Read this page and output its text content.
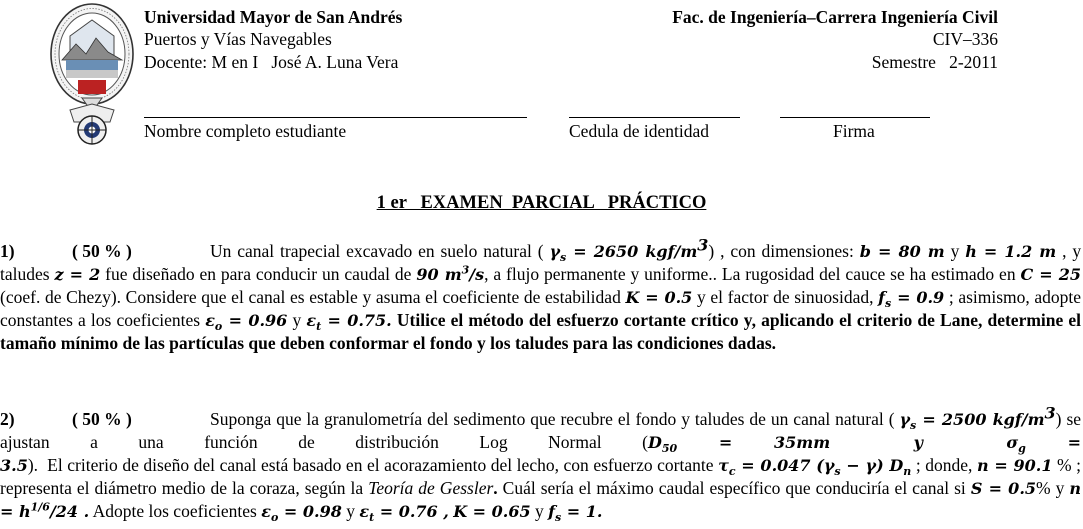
Universidad Mayor de San Andrés
Puertos y Vías Navegables
Docente: M en I   José A. Luna Vera
Fac. de Ingeniería–Carrera Ingeniería Civil
CIV–336
Semestre   2-2011
Nombre completo estudiante	Cedula de identidad	Firma
1 er   EXAMEN  PARCIAL   PRÁCTICO

1)	( 50 % )	Un canal trapecial excavado en suelo natural ( $\gamma_s = 2650$ kgf/$m^3$) , con dimensiones: b = 80 m y h = 1.2 m , y taludes z = 2 fue diseñado en para conducir un caudal de 90 $m^3/s$, a flujo permanente y uniforme.. La rugosidad del cauce se ha estimado en C = 25 (coef. de Chezy). Considere que el canal es estable y asuma el coeficiente de estabilidad K = 0.5 y el factor de sinuosidad, $f_s = 0.9$ ; asimismo, adopte constantes a los coeficientes $\varepsilon_o = 0.96$ y $\varepsilon_t = 0.75$. Utilice el método del esfuerzo cortante crítico y, aplicando el criterio de Lane, determine el tamaño mínimo de las partículas que deben conformar el fondo y los taludes para las condiciones dadas.

2)	( 50 % )	Suponga que la granulometría del sedimento que recubre el fondo y taludes de un canal natural ( $\gamma_s = 2500$ kgf/$m^3$) se ajustan a una función de distribución Log Normal ($D_{50} = 35mm$  y  $\sigma_g = 3.5$).  El criterio de diseño del canal está basado en el acorazamiento del lecho, con esfuerzo cortante $\tau_c = 0.047$ $(\gamma_s - \gamma)$ $D_n$ ; donde, n = 90.1 % ; representa el diámetro medio de la coraza, según la Teoría de Gessler. Cuál sería el máximo caudal específico que conduciría el canal si S = 0.5% y $n = h^{1/6}/24$ . Adopte los coeficientes $\varepsilon_o = 0.98$ y $\varepsilon_t = 0.76$ , K = 0.65 y $f_s = 1$.
